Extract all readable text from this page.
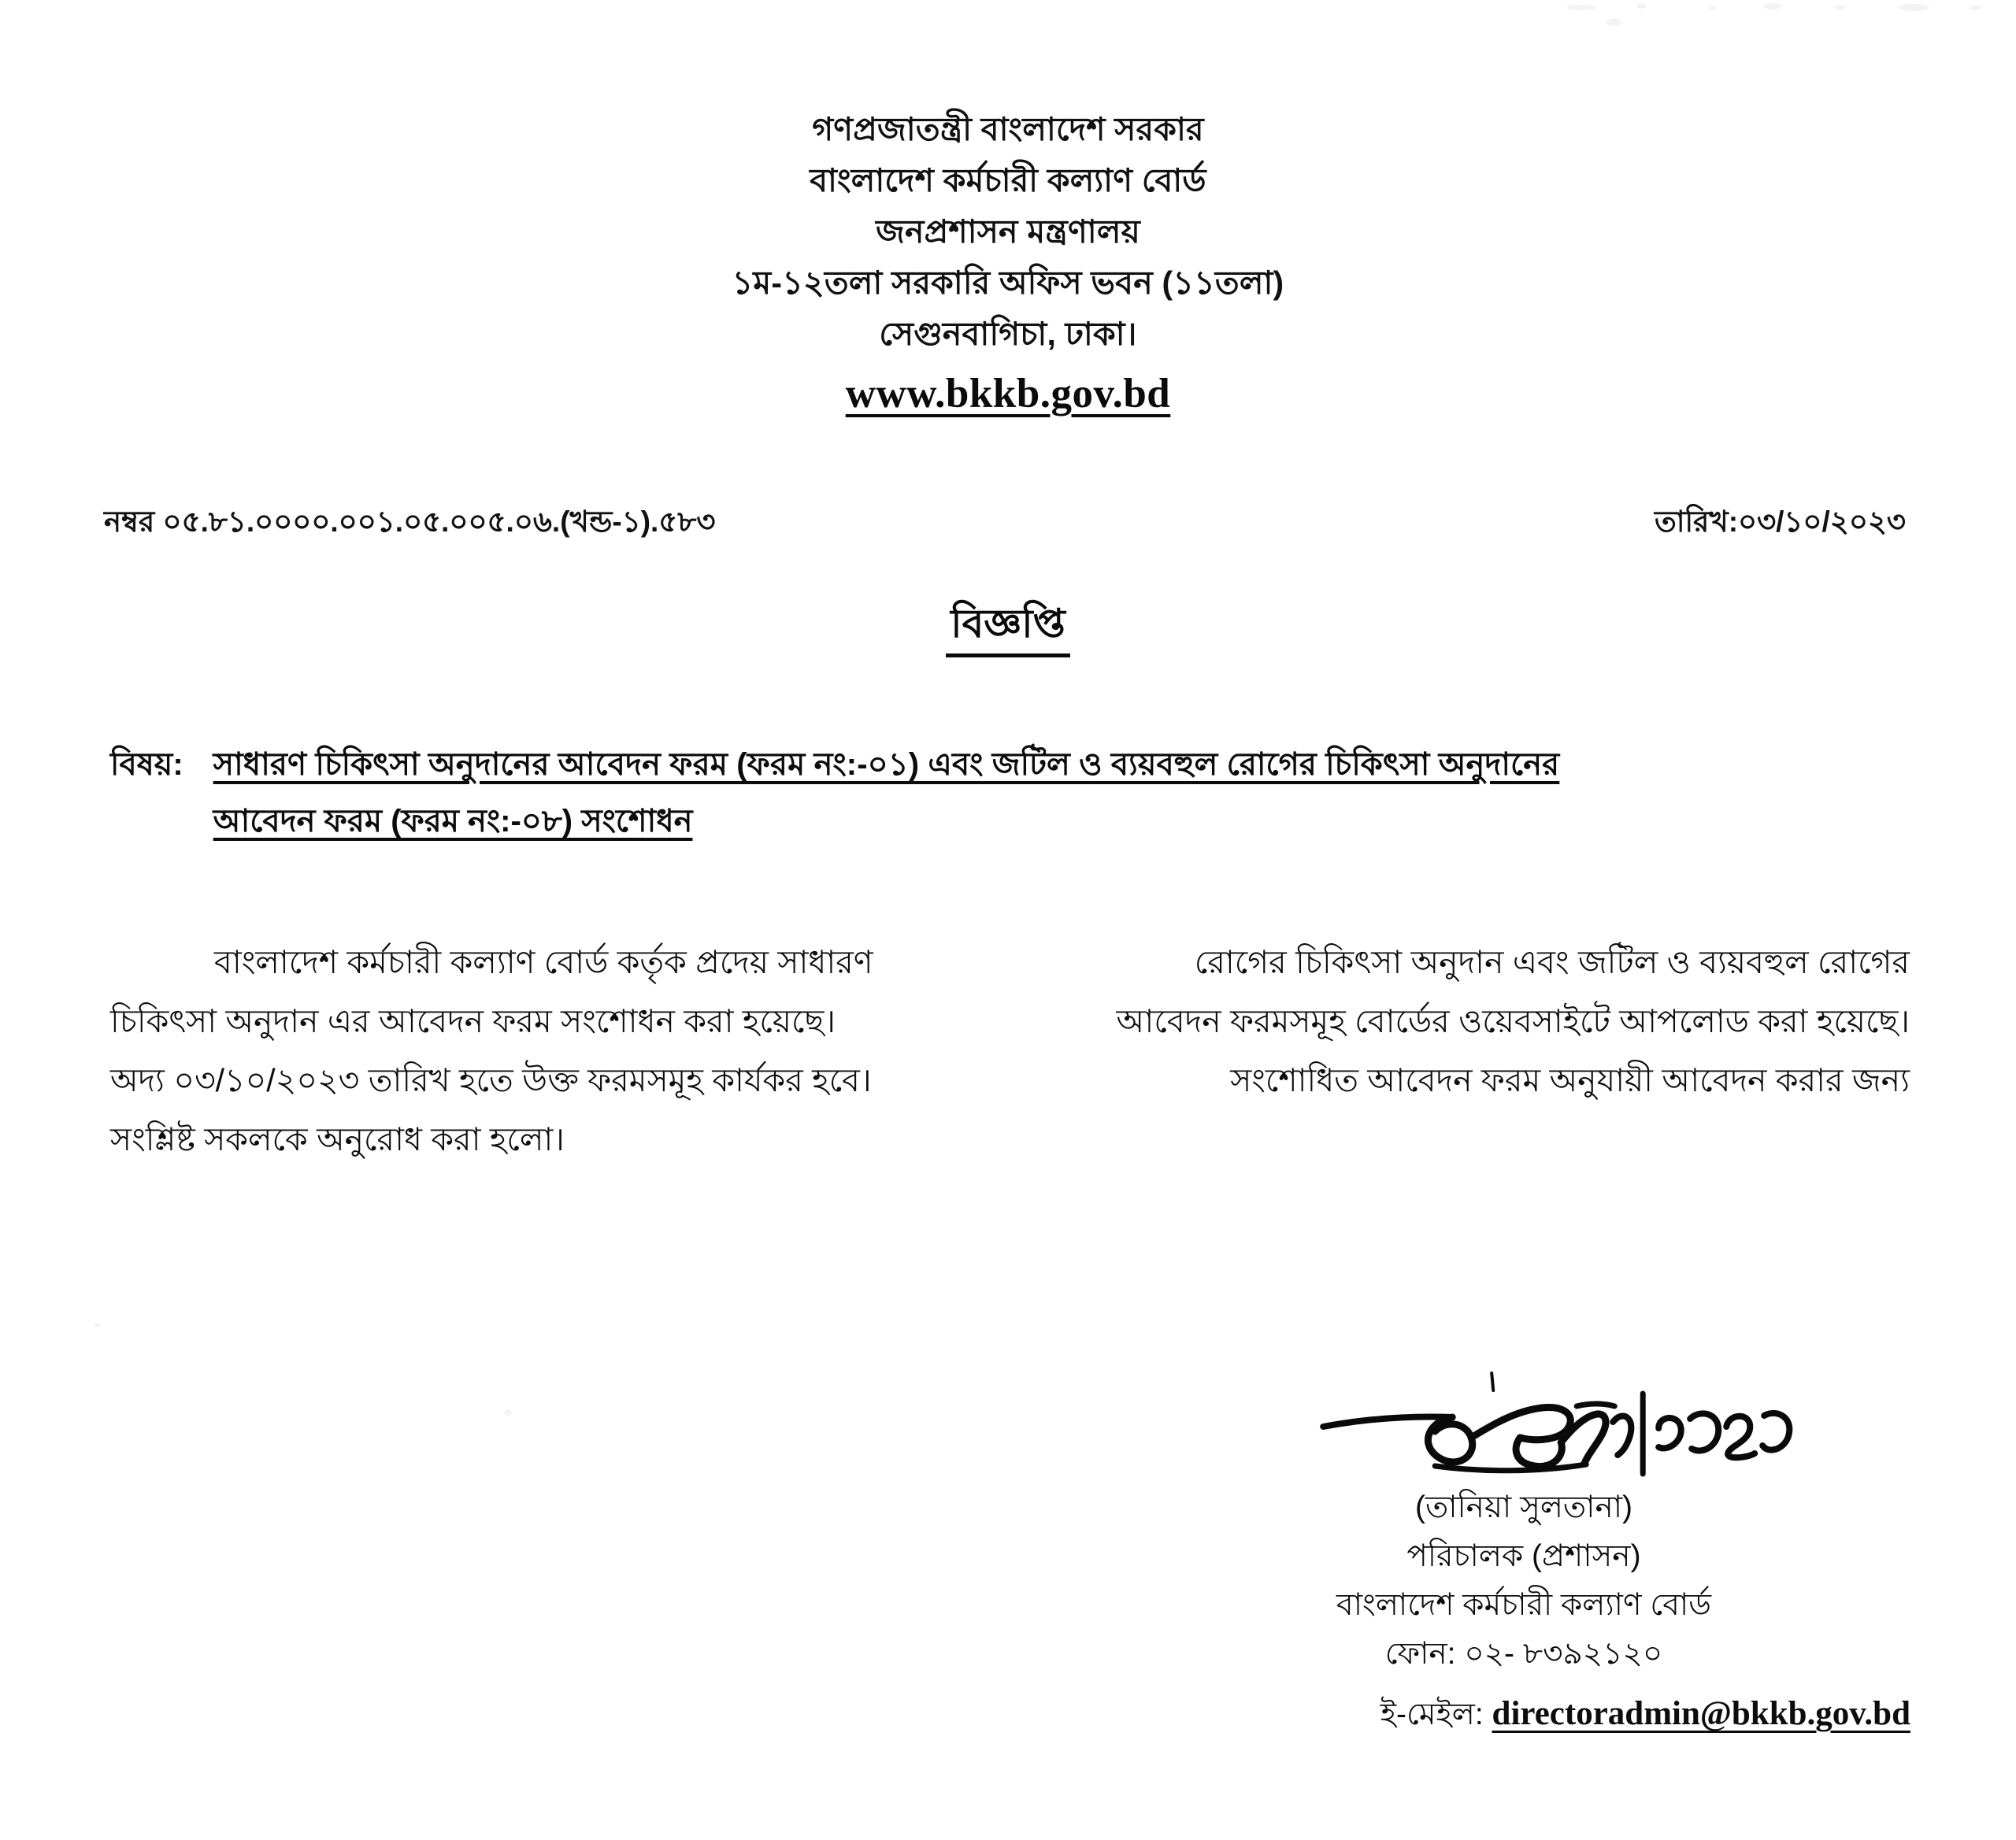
গণপ্রজাতন্ত্রী বাংলাদেশ সরকার
বাংলাদেশ কর্মচারী কল্যাণ বোর্ড
জনপ্রশাসন মন্ত্রণালয়
১ম-১২তলা সরকারি অফিস ভবন (১১তলা)
সেগুনবাগিচা, ঢাকা।
www.bkkb.gov.bd
নম্বর ০৫.৮১.০০০০.০০১.০৫.০০৫.০৬.(খন্ড-১).৫৮৩	তারিখ:০৩/১০/২০২৩
বিজ্ঞপ্তি
বিষয়: সাধারণ চিকিৎসা অনুদানের আবেদন ফরম (ফরম নং:-০১) এবং জটিল ও ব্যয়বহুল রোগের চিকিৎসা অনুদানের
আবেদন ফরম (ফরম নং:-০৮) সংশোধন
বাংলাদেশ কর্মচারী কল্যাণ বোর্ড কর্তৃক প্রদেয় সাধারণ	রোগের চিকিৎসা অনুদান এবং জটিল ও ব্যয়বহুল রোগের
চিকিৎসা অনুদান এর আবেদন ফরম সংশোধন করা হয়েছে।	আবেদন ফরমসমূহ বোর্ডের ওয়েবসাইটে আপলোড করা হয়েছে।
অদ্য ০৩/১০/২০২৩ তারিখ হতে উক্ত ফরমসমূহ কার্যকর হবে।	সংশোধিত আবেদন ফরম অনুযায়ী আবেদন করার জন্য
সংশ্লিষ্ট সকলকে অনুরোধ করা হলো।
(তানিয়া সুলতানা)
পরিচালক (প্রশাসন)
বাংলাদেশ কর্মচারী কল্যাণ বোর্ড
ফোন: ০২- ৮৩৯২১২০
ই-মেইল: directoradmin@bkkb.gov.bd
